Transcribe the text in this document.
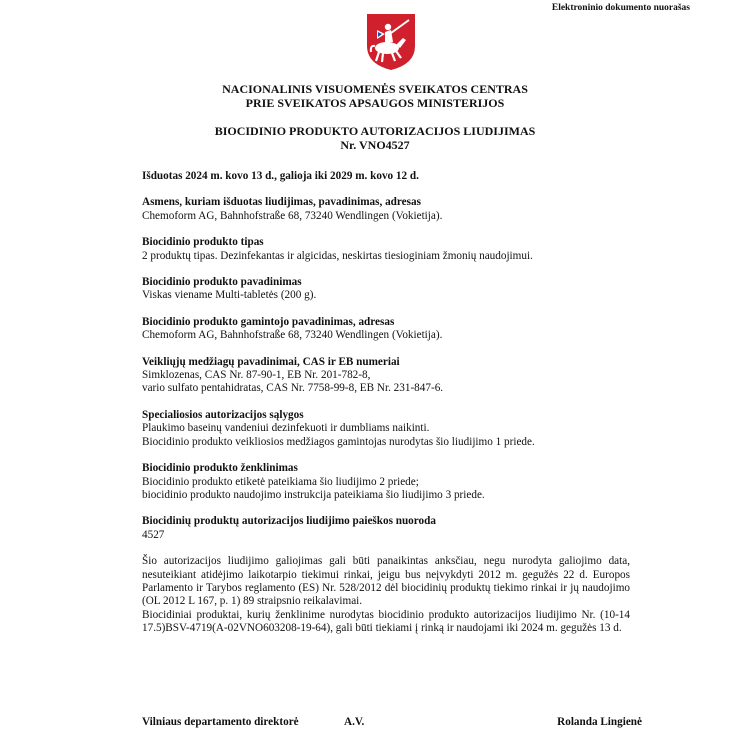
Elektroninio dokumento nuorašas
NACIONALINIS VISUOMENĖS SVEIKATOS CENTRAS
PRIE SVEIKATOS APSAUGOS MINISTERIJOS
BIOCIDINIO PRODUKTO AUTORIZACIJOS LIUDIJIMAS
Nr. VNO4527
Išduotas 2024 m. kovo 13 d., galioja iki 2029 m. kovo 12 d.
Asmens, kuriam išduotas liudijimas, pavadinimas, adresas
Chemoform AG, Bahnhofstraße 68, 73240 Wendlingen (Vokietija).
Biocidinio produkto tipas
2 produktų tipas. Dezinfekantas ir algicidas, neskirtas tiesioginiam žmonių naudojimui.
Biocidinio produkto pavadinimas
Viskas viename Multi-tabletės (200 g).
Biocidinio produkto gamintojo pavadinimas, adresas
Chemoform AG, Bahnhofstraße 68, 73240 Wendlingen (Vokietija).
Veikliųjų medžiagų pavadinimai, CAS ir EB numeriai
Simklozenas, CAS Nr. 87-90-1, EB Nr. 201-782-8,
vario sulfato pentahidratas, CAS Nr. 7758-99-8, EB Nr. 231-847-6.
Specialiosios autorizacijos sąlygos
Plaukimo baseinų vandeniui dezinfekuoti ir dumbliams naikinti.
Biocidinio produkto veikliosios medžiagos gamintojas nurodytas šio liudijimo 1 priede.
Biocidinio produkto ženklinimas
Biocidinio produkto etiketė pateikiama šio liudijimo 2 priede;
biocidinio produkto naudojimo instrukcija pateikiama šio liudijimo 3 priede.
Biocidinių produktų autorizacijos liudijimo paieškos nuoroda
4527

Šio autorizacijos liudijimo galiojimas gali būti panaikintas anksčiau, negu nurodyta galiojimo data, nesuteikiant atidėjimo laikotarpio tiekimui rinkai, jeigu bus neįvykdyti 2012 m. gegužės 22 d. Europos Parlamento ir Tarybos reglamento (ES) Nr. 528/2012 dėl biocidinių produktų tiekimo rinkai ir jų naudojimo (OL 2012 L 167, p. 1) 89 straipsnio reikalavimai.

Biocidiniai produktai, kurių ženklinime nurodytas biocidinio produkto autorizacijos liudijimo Nr. (10-14 17.5)BSV-4719(A-02VNO603208-19-64), gali būti tiekiami į rinką ir naudojami iki 2024 m. gegužės 13 d.

Vilniaus departamento direktorė	A.V.	Rolanda Lingienė
